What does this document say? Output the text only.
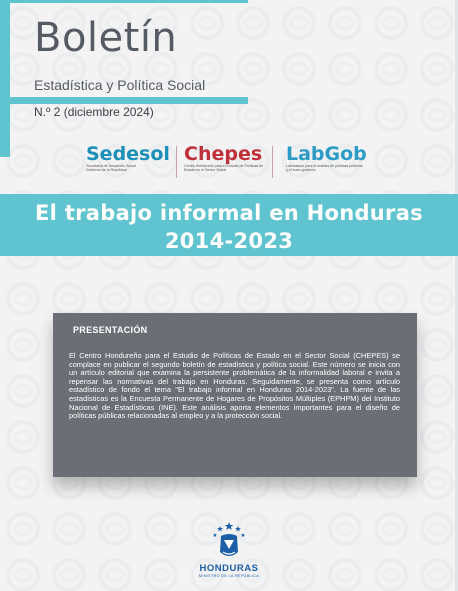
Boletín
Estadística y Política Social
N.º 2 (diciembre 2024)
Sedesol
Secretaría de Desarrollo Social
Gobierno de la República
Chepes
Centro Hondureño para el Estudio de Políticas de
Estado en el Sector Social
LabGob
Laboratorio para el análisis de políticas públicas
y el buen gobierno
El trabajo informal en Honduras
2014-2023
PRESENTACIÓN
El Centro Hondureño para el Estudio de Políticas de Estado en el Sector Social (CHEPES) se complace en publicar el segundo boletín de estadística y política social. Este número se inicia con un artículo editorial que examina la persistente problemática de la informalidad laboral e invita a repensar las normativas del trabajo en Honduras. Seguidamente, se presenta como artículo estadístico de fondo el tema "El trabajo informal en Honduras 2014-2023". La fuente de las estadísticas es la Encuesta Permanente de Hogares de Propósitos Múltiples (EPHPM) del Instituto Nacional de Estadísticas (INE). Este análisis aporta elementos importantes para el diseño de políticas públicas relacionadas al empleo y a la protección social.
HONDURAS
MINISTRO DE LA REPÚBLICA
